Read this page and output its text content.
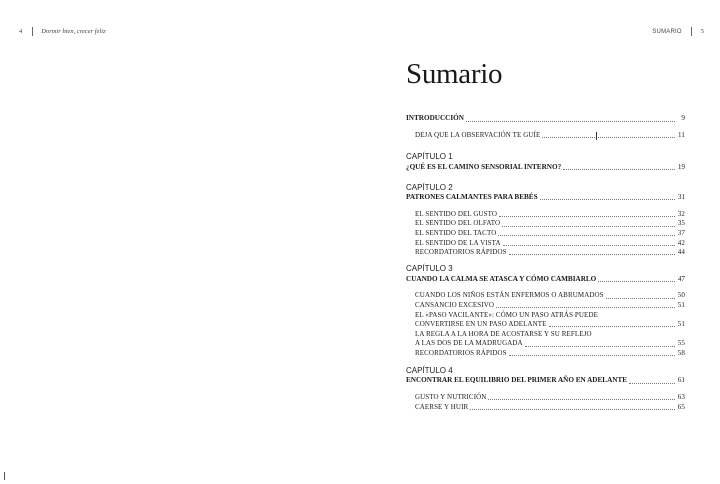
4	Dormir bien, crecer feliz	SUMARIO	5
Sumario
INTRODUCCIÓN	9
DEJA QUE LA OBSERVACIÓN TE GUÍE	11
CAPÍTULO 1
¿QUÉ ES EL CAMINO SENSORIAL INTERNO?	19
CAPÍTULO 2
PATRONES CALMANTES PARA BEBÉS	31
EL SENTIDO DEL GUSTO	32
EL SENTIDO DEL OLFATO	35
EL SENTIDO DEL TACTO	37
EL SENTIDO DE LA VISTA	42
RECORDATORIOS RÁPIDOS	44
CAPÍTULO 3
CUANDO LA CALMA SE ATASCA Y CÓMO CAMBIARLO	47
CUANDO LOS NIÑOS ESTÁN ENFERMOS O ABRUMADOS	50
CANSANCIO EXCESIVO	51
EL «PASO VACILANTE»: CÓMO UN PASO ATRÁS PUEDE
CONVERTIRSE EN UN PASO ADELANTE	51
LA REGLA A LA HORA DE ACOSTARSE Y SU REFLEJO
A LAS DOS DE LA MADRUGADA	55
RECORDATORIOS RÁPIDOS	58
CAPÍTULO 4
ENCONTRAR EL EQUILIBRIO DEL PRIMER AÑO EN ADELANTE	61
GUSTO Y NUTRICIÓN	63
CAERSE Y HUIR	65
